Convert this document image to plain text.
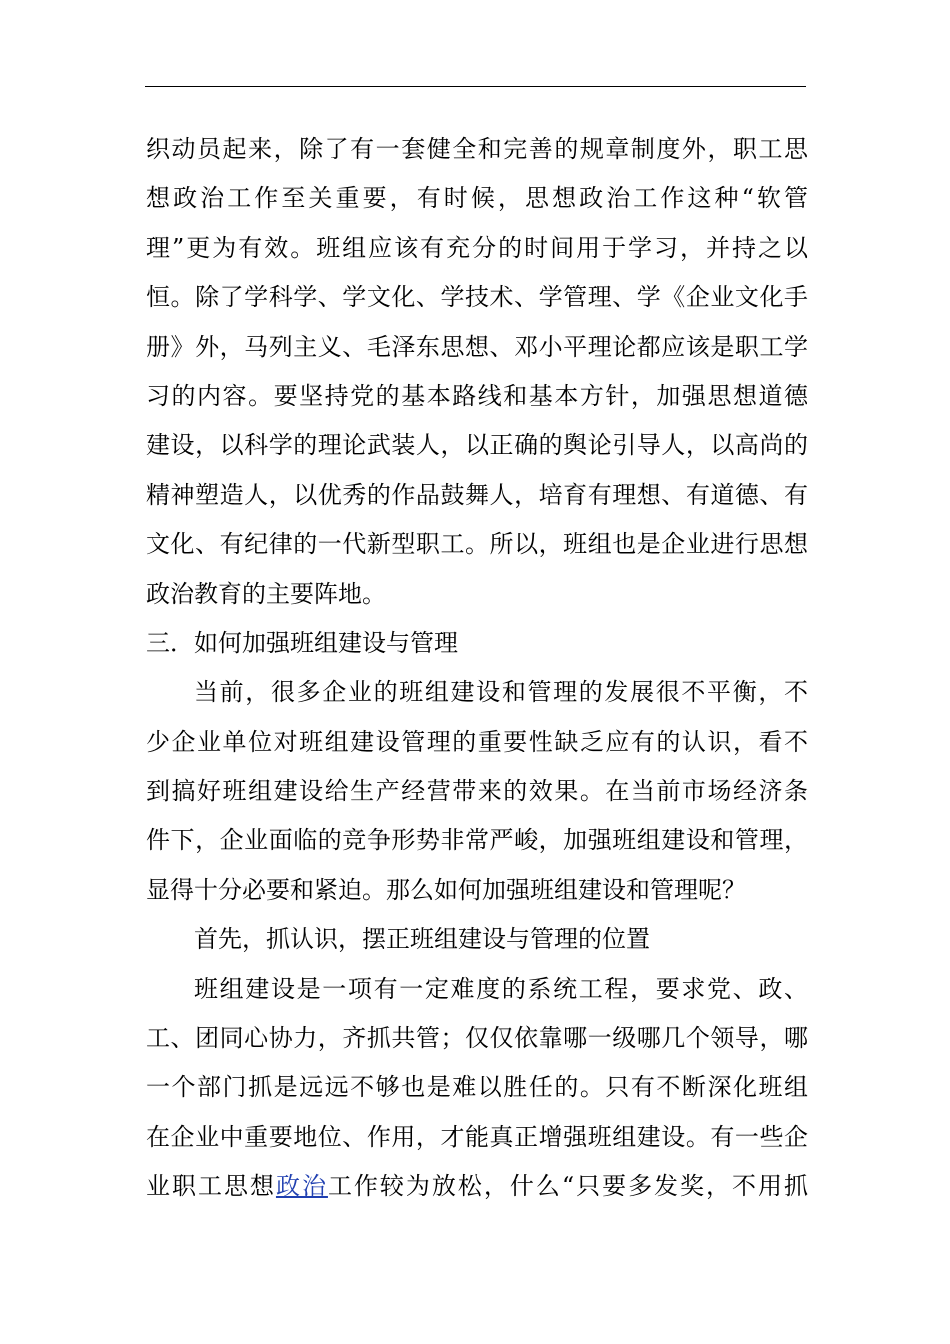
织动员起来，除了有一套健全和完善的规章制度外，职工思
想政治工作至关重要，有时候，思想政治工作这种“软管
理”更为有效。班组应该有充分的时间用于学习，并持之以
恒。除了学科学、学文化、学技术、学管理、学《企业文化手
册》外，马列主义、毛泽东思想、邓小平理论都应该是职工学
习的内容。要坚持党的基本路线和基本方针，加强思想道德
建设，以科学的理论武装人，以正确的舆论引导人，以高尚的
精神塑造人，以优秀的作品鼓舞人，培育有理想、有道德、有
文化、有纪律的一代新型职工。所以，班组也是企业进行思想
政治教育的主要阵地。
三．如何加强班组建设与管理
当前，很多企业的班组建设和管理的发展很不平衡，不
少企业单位对班组建设管理的重要性缺乏应有的认识，看不
到搞好班组建设给生产经营带来的效果。在当前市场经济条
件下，企业面临的竞争形势非常严峻，加强班组建设和管理，
显得十分必要和紧迫。那么如何加强班组建设和管理呢？
首先，抓认识，摆正班组建设与管理的位置
班组建设是一项有一定难度的系统工程，要求党、政、
工、团同心协力，齐抓共管；仅仅依靠哪一级哪几个领导，哪
一个部门抓是远远不够也是难以胜任的。只有不断深化班组
在企业中重要地位、作用，才能真正增强班组建设。有一些企
业职工思想政治工作较为放松，什么“只要多发奖，不用抓
